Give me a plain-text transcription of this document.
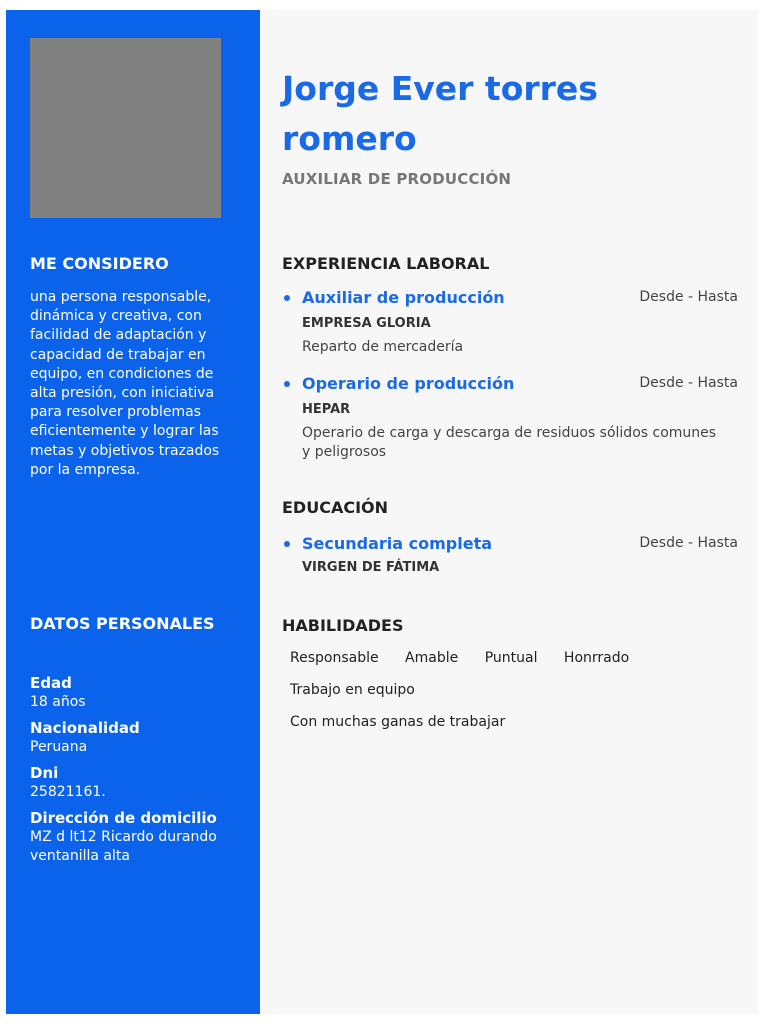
ME CONSIDERO
una persona responsable, dinámica y creativa, con facilidad de adaptación y capacidad de trabajar en equipo, en condiciones de alta presión, con iniciativa para resolver problemas eficientemente y lograr las metas y objetivos trazados por la empresa.
DATOS PERSONALES
Edad
18 años
Nacionalidad
Peruana
Dni
25821161.
Dirección de domicilio
MZ d lt12 Ricardo durando ventanilla alta
Jorge Ever torres romero
AUXILIAR DE PRODUCCIÓN
EXPERIENCIA LABORAL
Auxiliar de producción	Desde - Hasta
EMPRESA GLORIA
Reparto de mercadería
Operario de producción	Desde - Hasta
HEPAR
Operario de carga y descarga de residuos sólidos comunes y peligrosos
EDUCACIÓN
Secundaria completa	Desde - Hasta
VIRGEN DE FÁTIMA
HABILIDADES
Responsable Amable Puntual Honrrado
Trabajo en equipo
Con muchas ganas de trabajar
